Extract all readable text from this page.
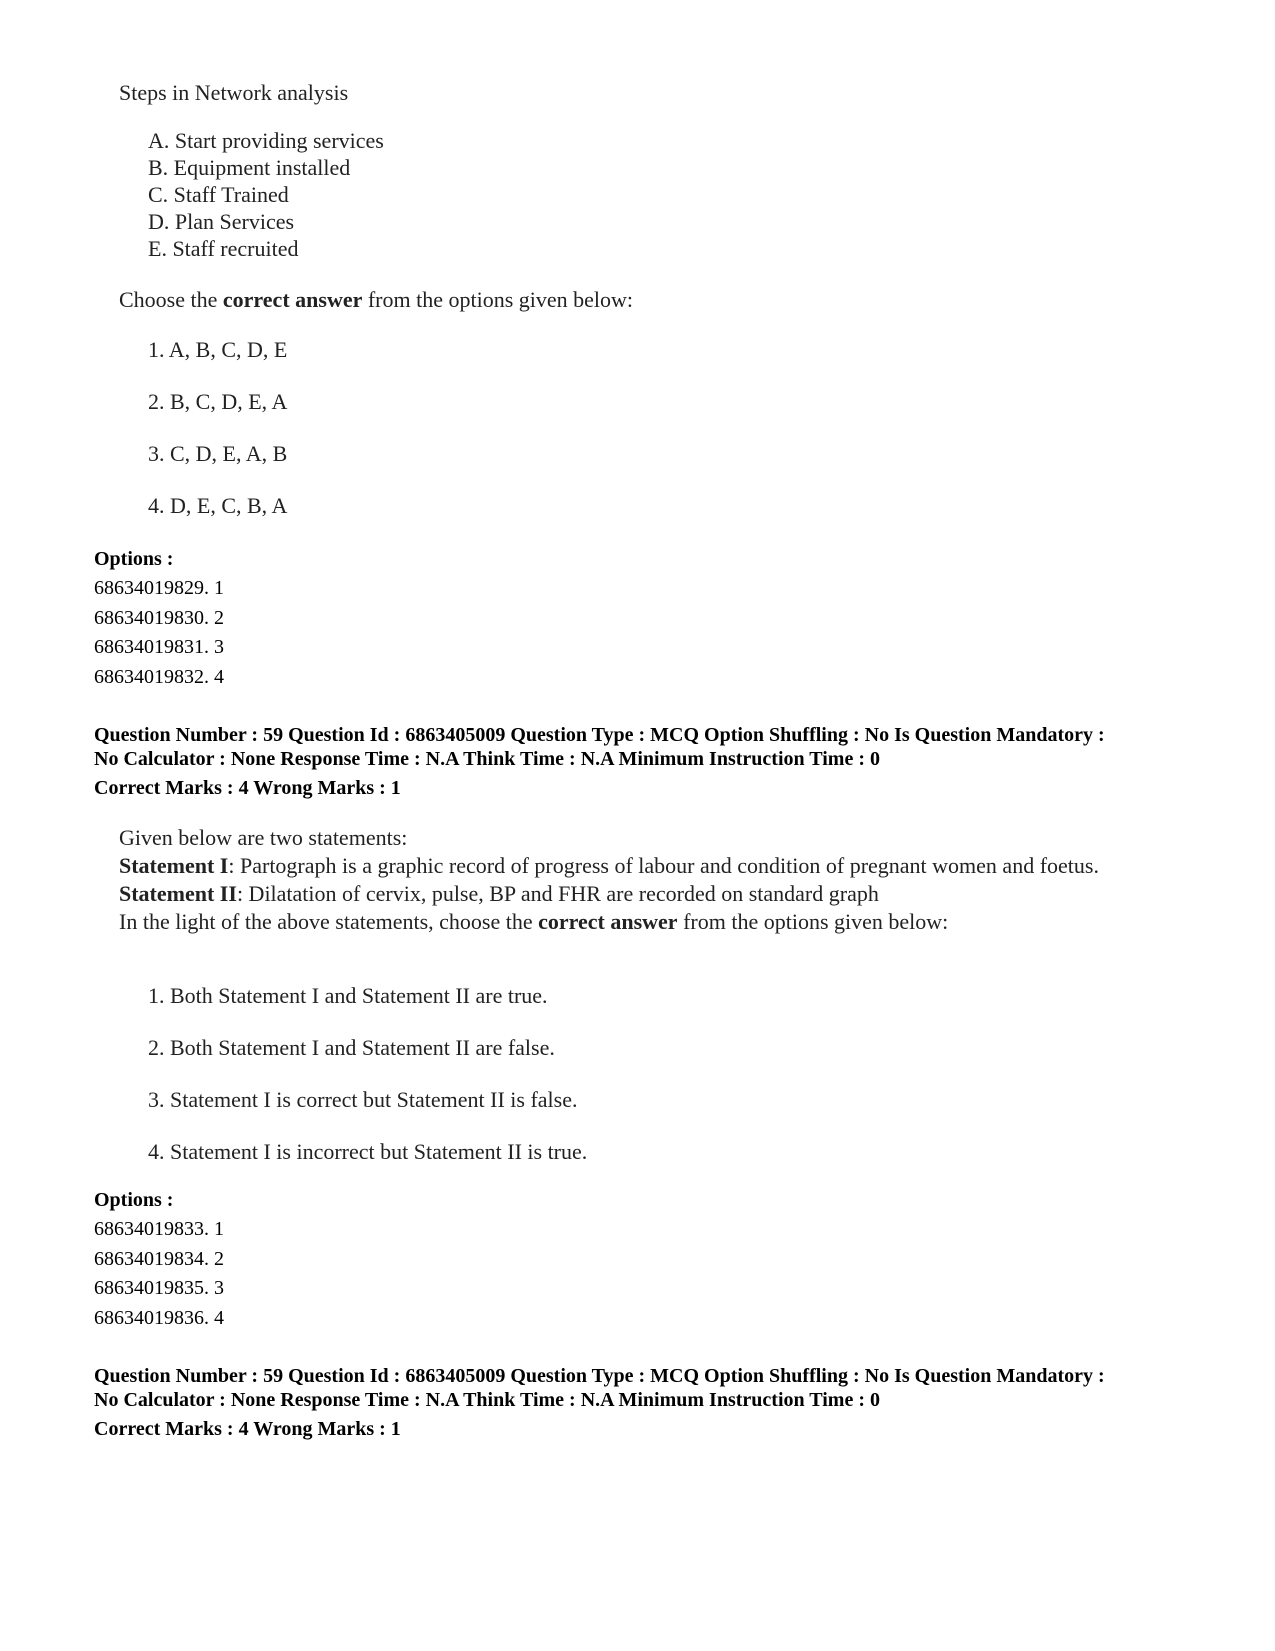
Steps in Network analysis

A. Start providing services
B. Equipment installed
C. Staff Trained
D. Plan Services
E. Staff recruited

Choose the correct answer from the options given below:

1. A, B, C, D, E
2. B, C, D, E, A
3. C, D, E, A, B
4. D, E, C, B, A
Options :
68634019829. 1
68634019830. 2
68634019831. 3
68634019832. 4
Question Number : 59 Question Id : 6863405009 Question Type : MCQ Option Shuffling : No Is Question Mandatory :
No Calculator : None Response Time : N.A Think Time : N.A Minimum Instruction Time : 0
Correct Marks : 4 Wrong Marks : 1

Given below are two statements:

Statement I: Partograph is a graphic record of progress of labour and condition of pregnant women and foetus.

Statement II: Dilatation of cervix, pulse, BP and FHR are recorded on standard graph

In the light of the above statements, choose the correct answer from the options given below:

1. Both Statement I and Statement II are true.
2. Both Statement I and Statement II are false.
3. Statement I is correct but Statement II is false.
4. Statement I is incorrect but Statement II is true.
Options :
68634019833. 1
68634019834. 2
68634019835. 3
68634019836. 4
Question Number : 59 Question Id : 6863405009 Question Type : MCQ Option Shuffling : No Is Question Mandatory :
No Calculator : None Response Time : N.A Think Time : N.A Minimum Instruction Time : 0
Correct Marks : 4 Wrong Marks : 1
